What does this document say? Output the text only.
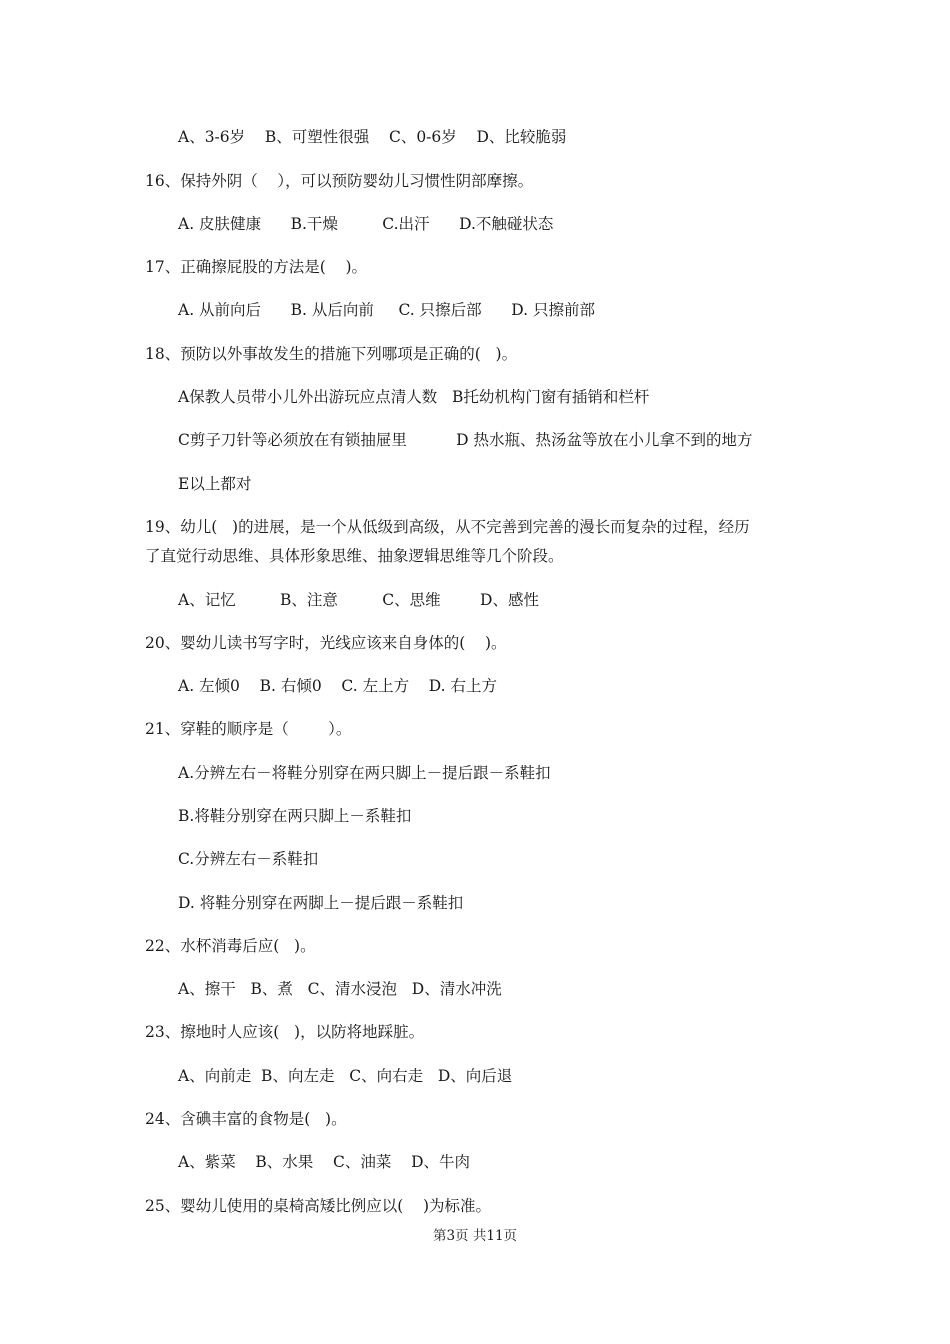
A、3-6岁    B、可塑性很强    C、0-6岁    D、比较脆弱
16、保持外阴（    ），可以预防婴幼儿习惯性阴部摩擦。
A. 皮肤健康      B.干燥         C.出汗      D.不触碰状态
17、正确擦屁股的方法是(    )。
A. 从前向后      B. 从后向前     C. 只擦后部      D. 只擦前部
18、预防以外事故发生的措施下列哪项是正确的(   )。
A保教人员带小儿外出游玩应点清人数   B托幼机构门窗有插销和栏杆
C剪子刀针等必须放在有锁抽屉里          D 热水瓶、热汤盆等放在小儿拿不到的地方
E以上都对
19、幼儿(   )的进展，是一个从低级到高级，从不完善到完善的漫长而复杂的过程，经历
了直觉行动思维、具体形象思维、抽象逻辑思维等几个阶段。
A、记忆         B、注意         C、思维        D、感性
20、婴幼儿读书写字时，光线应该来自身体的(    )。
A. 左倾0    B. 右倾0    C. 左上方    D. 右上方
21、穿鞋的顺序是（        ）。
A.分辨左右－将鞋分别穿在两只脚上－提后跟－系鞋扣
B.将鞋分别穿在两只脚上－系鞋扣
C.分辨左右－系鞋扣
D. 将鞋分别穿在两脚上－提后跟－系鞋扣
22、水杯消毒后应(   )。
A、擦干   B、煮   C、清水浸泡   D、清水冲洗
23、擦地时人应该(   )，以防将地踩脏。
A、向前走  B、向左走   C、向右走   D、向后退
24、含碘丰富的食物是(   )。
A、紫菜    B、水果    C、油菜    D、牛肉
25、婴幼儿使用的桌椅高矮比例应以(    )为标准。
第3页 共11页
